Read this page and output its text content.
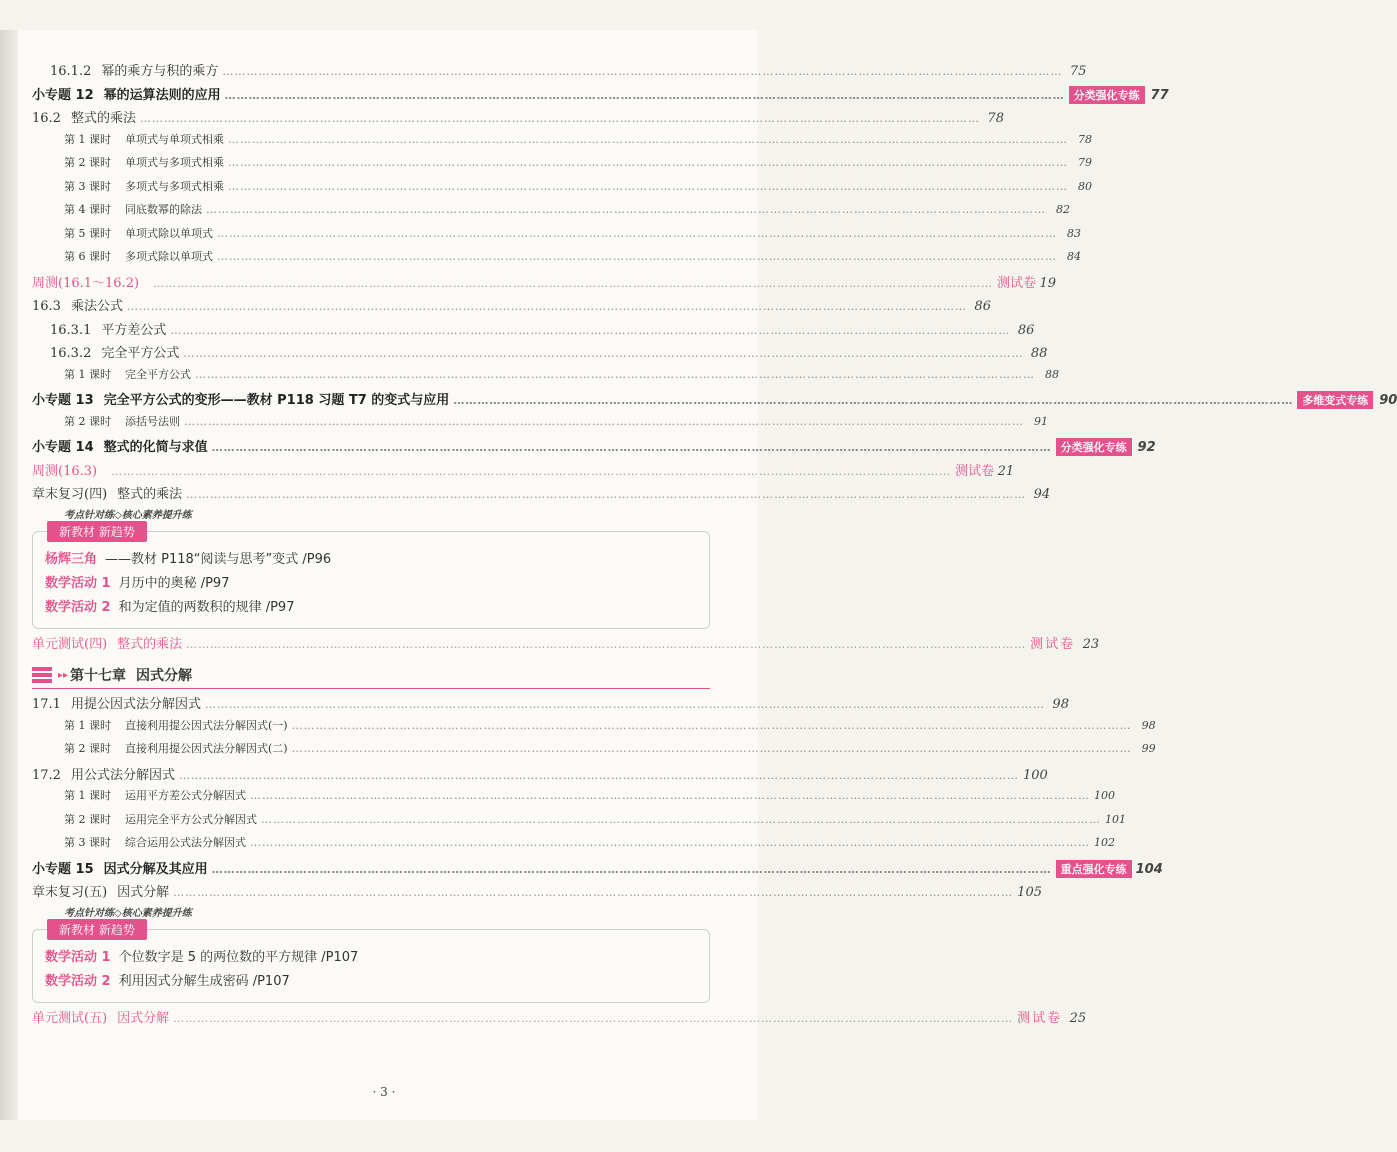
16.1.2 幂的乘方与积的乘方 …………………………………………………………………………………………………………………………………………………………………………………………	75
小专题 12 幂的运算法则的应用 …………………………………………………………………………………………………………………………………………………………………………………………	分类强化专练 77
16.2 整式的乘法 …………………………………………………………………………………………………………………………………………………………………………………………	78
第 1 课时 单项式与单项式相乘 …………………………………………………………………………………………………………………………………………………………………………………………	78
第 2 课时 单项式与多项式相乘 …………………………………………………………………………………………………………………………………………………………………………………………	79
第 3 课时 多项式与多项式相乘 …………………………………………………………………………………………………………………………………………………………………………………………	80
第 4 课时 同底数幂的除法 …………………………………………………………………………………………………………………………………………………………………………………………	82
第 5 课时 单项式除以单项式 …………………………………………………………………………………………………………………………………………………………………………………………	83
第 6 课时 多项式除以单项式 …………………………………………………………………………………………………………………………………………………………………………………………	84
周测(16.1～16.2) …………………………………………………………………………………………………………………………………………………………………………………………	测试卷 19
16.3 乘法公式 …………………………………………………………………………………………………………………………………………………………………………………………	86
16.3.1 平方差公式 …………………………………………………………………………………………………………………………………………………………………………………………	86
16.3.2 完全平方公式 …………………………………………………………………………………………………………………………………………………………………………………………	88
第 1 课时 完全平方公式 …………………………………………………………………………………………………………………………………………………………………………………………	88
小专题 13 完全平方公式的变形——教材 P118 习题 T7 的变式与应用 …………………………………………………………………………………………………………………………………………………………………………………………	多维变式专练 90
第 2 课时 添括号法则 …………………………………………………………………………………………………………………………………………………………………………………………	91
小专题 14 整式的化简与求值 …………………………………………………………………………………………………………………………………………………………………………………………	分类强化专练 92
周测(16.3) …………………………………………………………………………………………………………………………………………………………………………………………	测试卷 21
章末复习(四) 整式的乘法 …………………………………………………………………………………………………………………………………………………………………………………………	94
考点针对练◇核心素养提升练
新教材 新趋势
杨辉三角 ——教材 P118“阅读与思考”变式 /P96
数学活动 1 月历中的奥秘 /P97
数学活动 2 和为定值的两数积的规律 /P97
单元测试(四) 整式的乘法 …………………………………………………………………………………………………………………………………………………………………………………………	测试卷 23
▸▸ 第十七章 因式分解
17.1 用提公因式法分解因式 …………………………………………………………………………………………………………………………………………………………………………………………	98
第 1 课时 直接利用提公因式法分解因式(一) …………………………………………………………………………………………………………………………………………………………………………………………	98
第 2 课时 直接利用提公因式法分解因式(二) …………………………………………………………………………………………………………………………………………………………………………………………	99
17.2 用公式法分解因式 …………………………………………………………………………………………………………………………………………………………………………………………	100
第 1 课时 运用平方差公式分解因式 …………………………………………………………………………………………………………………………………………………………………………………………	100
第 2 课时 运用完全平方公式分解因式 …………………………………………………………………………………………………………………………………………………………………………………………	101
第 3 课时 综合运用公式法分解因式 …………………………………………………………………………………………………………………………………………………………………………………………	102
小专题 15 因式分解及其应用 …………………………………………………………………………………………………………………………………………………………………………………………	重点强化专练 104
章末复习(五) 因式分解 …………………………………………………………………………………………………………………………………………………………………………………………	105
考点针对练◇核心素养提升练
新教材 新趋势
数学活动 1 个位数字是 5 的两位数的平方规律 /P107
数学活动 2 利用因式分解生成密码 /P107
单元测试(五) 因式分解 …………………………………………………………………………………………………………………………………………………………………………………………	测试卷 25
· 3 ·
